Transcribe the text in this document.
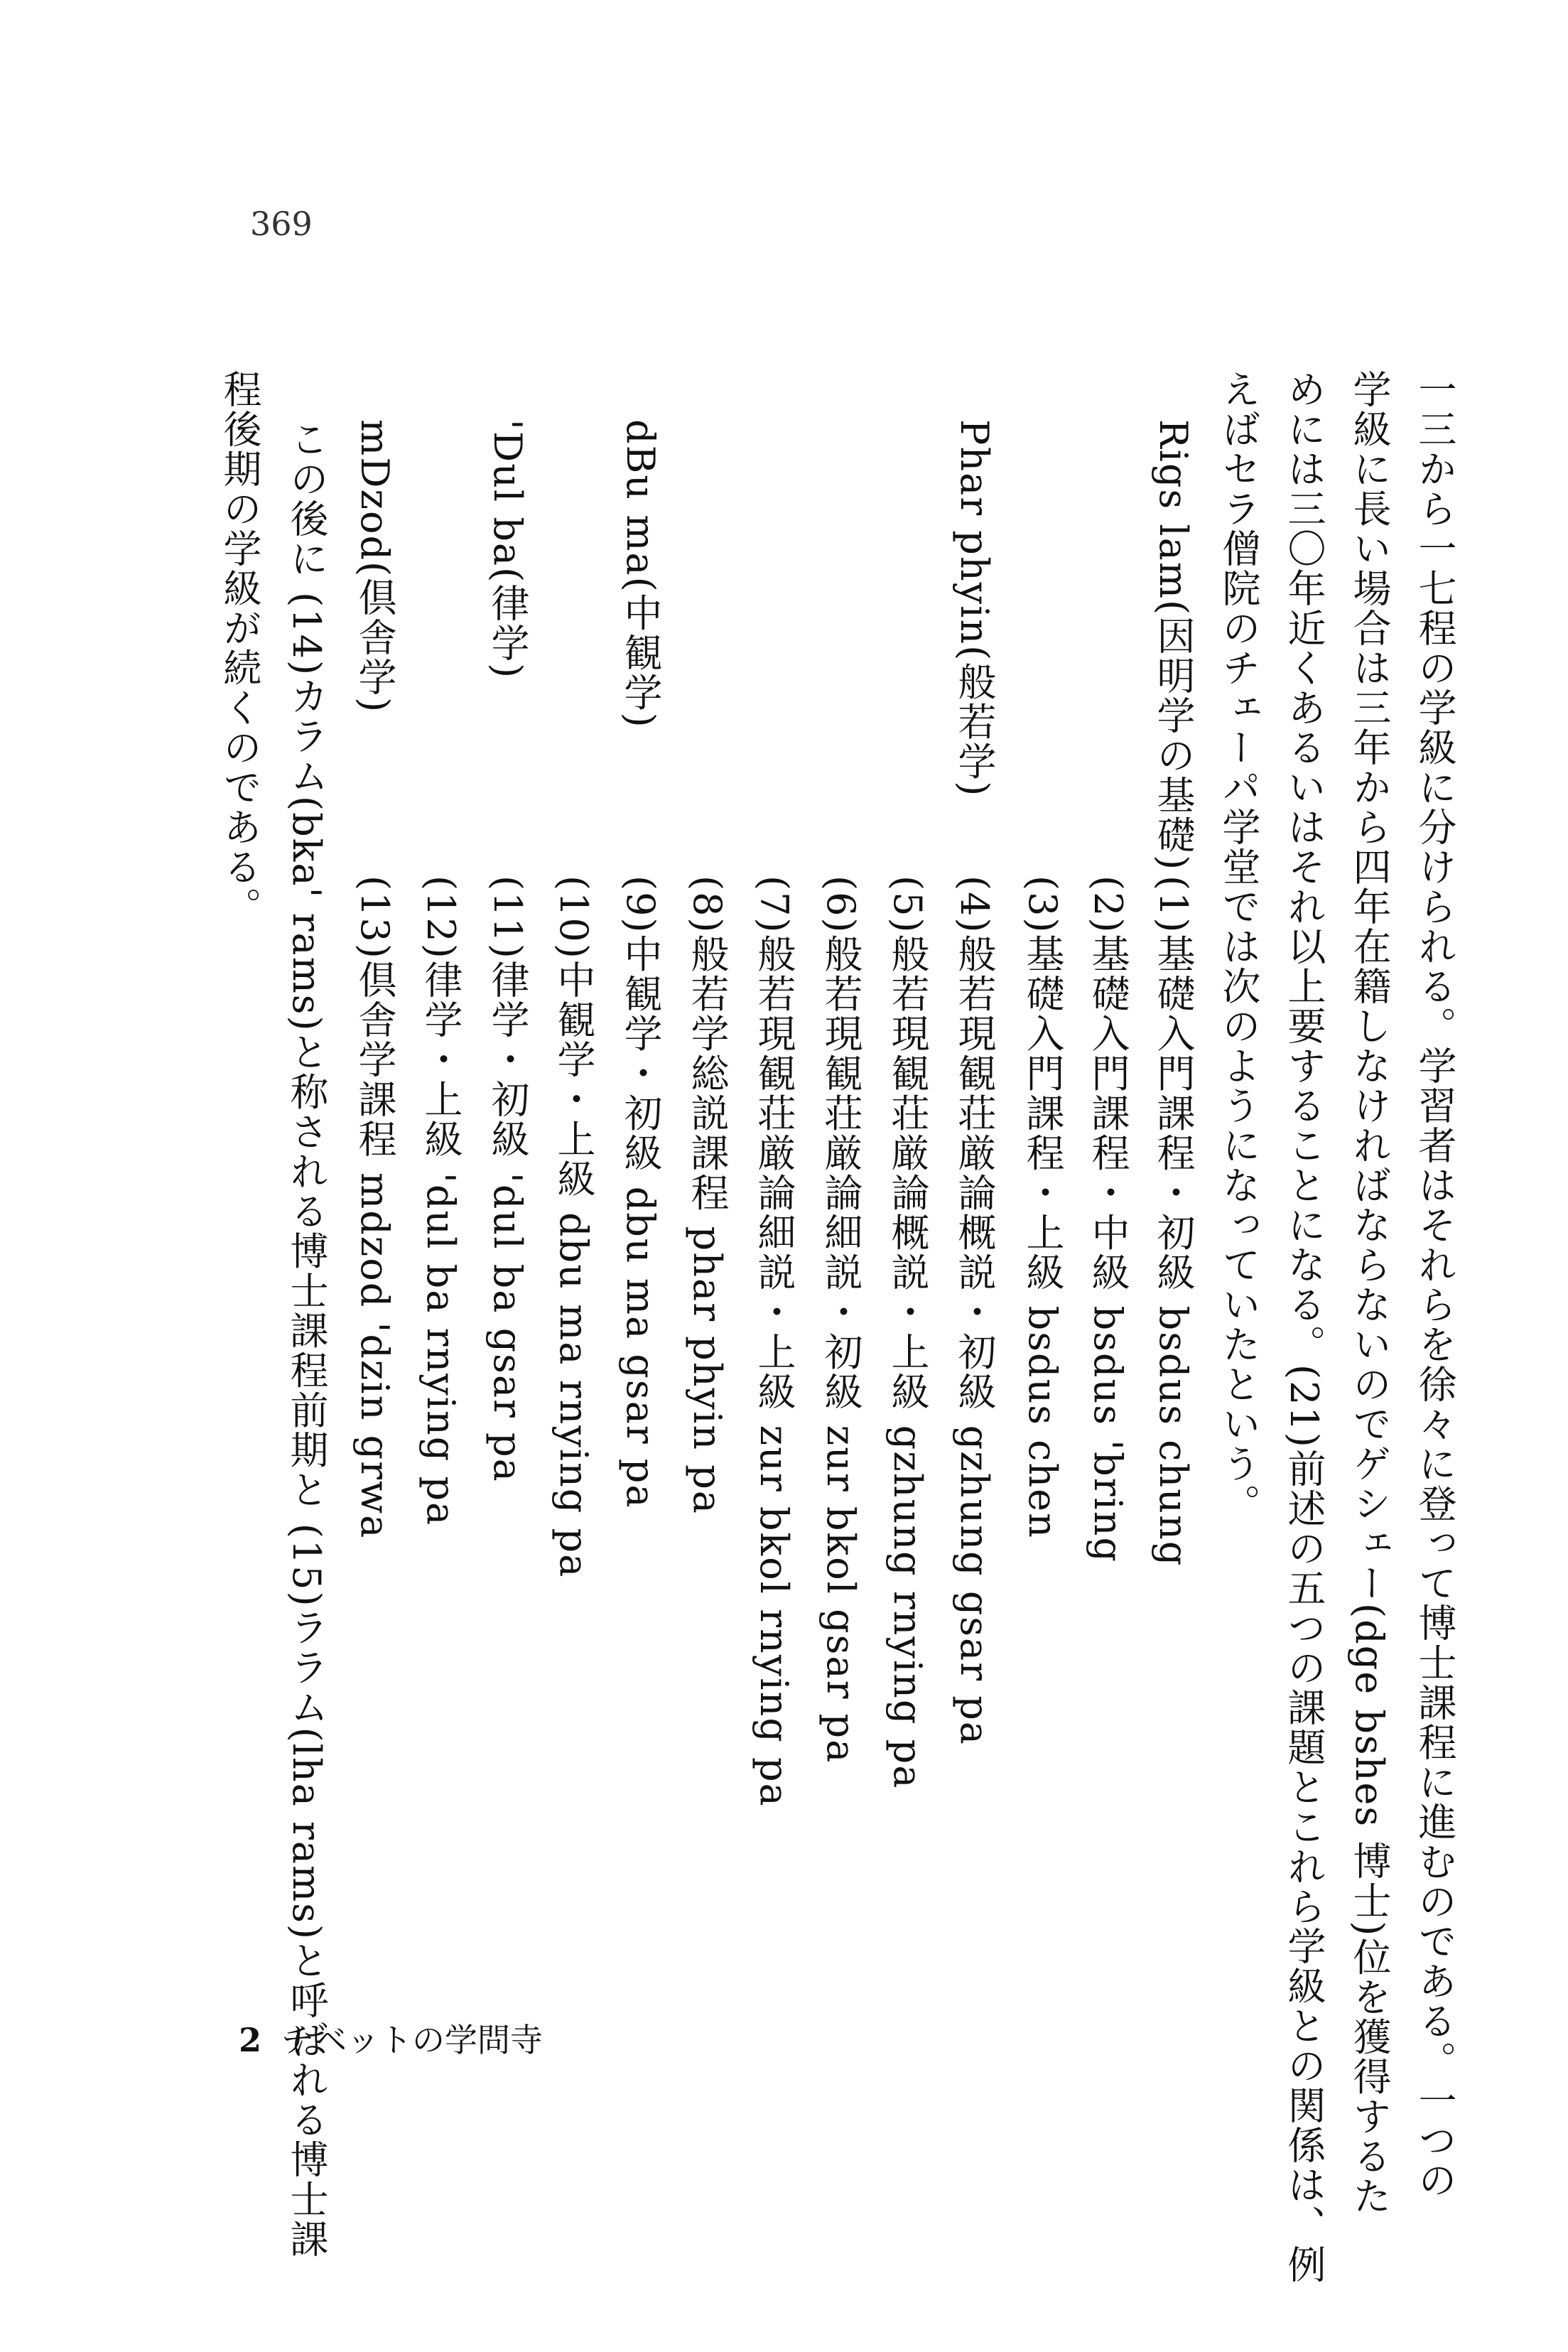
369
一三から一七程の学級に分けられる。学習者はそれらを徐々に登って博士課程に進むのである。一つの
学級に長い場合は三年から四年在籍しなければならないのでゲシェー(dge bshes 博士)位を獲得するた
めには三〇年近くあるいはそれ以上要することになる。(21)前述の五つの課題とこれら学級との関係は、例
えばセラ僧院のチェーパ学堂では次のようになっていたという。
Rigs lam(因明学の基礎)
Phar phyin(般若学)
dBu ma(中観学)
'Dul ba(律学)
mDzod(倶舎学)
(1)基礎入門課程・初級 bsdus chung
(2)基礎入門課程・中級 bsdus 'bring
(3)基礎入門課程・上級 bsdus chen
(4)般若現観荘厳論概説・初級 gzhung gsar pa
(5)般若現観荘厳論概説・上級 gzhung rnying pa
(6)般若現観荘厳論細説・初級 zur bkol gsar pa
(7)般若現観荘厳論細説・上級 zur bkol rnying pa
(8)般若学総説課程 phar phyin pa
(9)中観学・初級 dbu ma gsar pa
(10)中観学・上級 dbu ma rnying pa
(11)律学・初級 'dul ba gsar pa
(12)律学・上級 'dul ba rnying pa
(13)倶舎学課程 mdzod 'dzin grwa
この後に (14)カラム(bka' rams)と称される博士課程前期と (15)ララム(lha rams)と呼ばれる博士課
程後期の学級が続くのである。
2 チベットの学問寺
